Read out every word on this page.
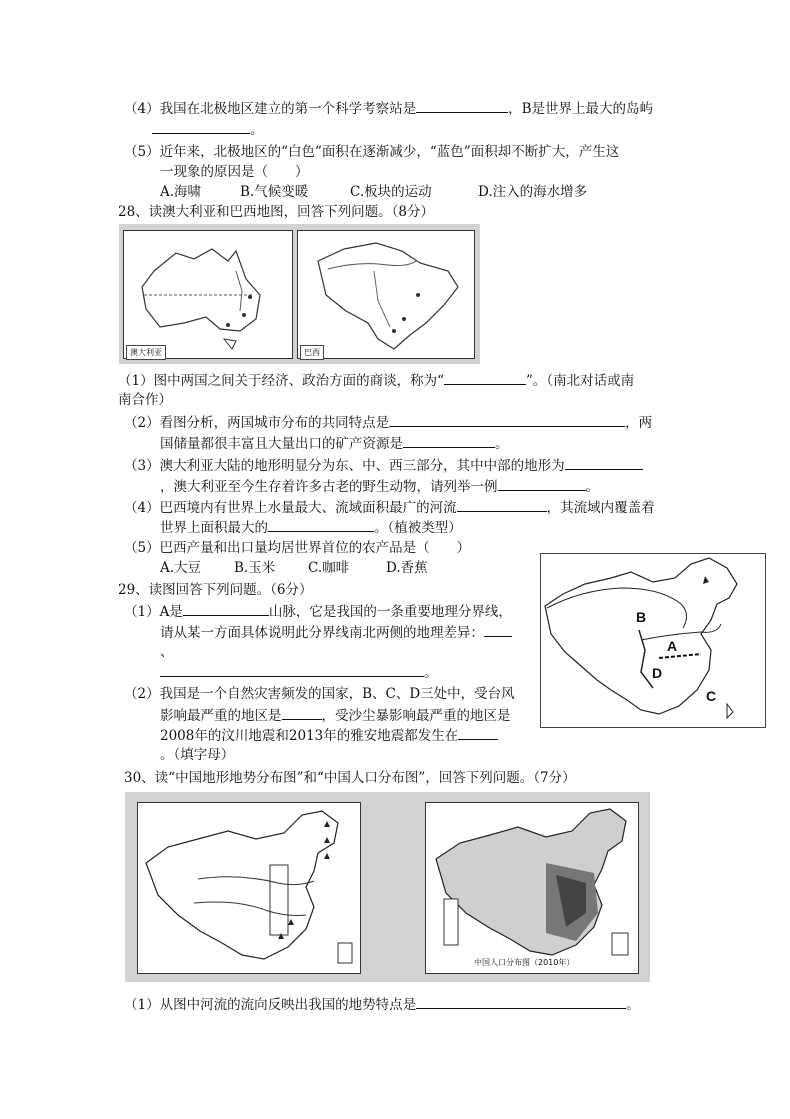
（4）我国在北极地区建立的第一个科学考察站是	，B是世界上最大的岛屿
。
（5）近年来，北极地区的“白色”面积在逐渐减少，“蓝色”面积却不断扩大，产生这
一现象的原因是（　　）
A.海啸	B.气候变暖	C.板块的运动	D.注入的海水增多
28、读澳大利亚和巴西地图，回答下列问题。（8分）
澳大利亚	巴西
（1）图中两国之间关于经济、政治方面的商谈，称为“	”。（南北对话或南
南合作）
（2）看图分析，两国城市分布的共同特点是	，两
国储量都很丰富且大量出口的矿产资源是	。
（3）澳大利亚大陆的地形明显分为东、中、西三部分，其中中部的地形为
，澳大利亚至今生存着许多古老的野生动物，请列举一例	。
（4）巴西境内有世界上水量最大、流域面积最广的河流	，其流域内覆盖着
世界上面积最大的	。（植被类型）
（5）巴西产量和出口量均居世界首位的农产品是（　　）
A.大豆 B.玉米 C.咖啡	D.香蕉
B
A
D
C
29、读图回答下列问题。（6分）
（1）A是	山脉，它是我国的一条重要地理分界线，
请从某一方面具体说明此分界线南北两侧的地理差异：
、
。
（2）我国是一个自然灾害频发的国家，B、C、D三处中，受台风
影响最严重的地区是	，受沙尘暴影响最严重的地区是
2008年的汶川地震和2013年的雅安地震都发生在
。（填字母）
30、读“中国地形地势分布图”和“中国人口分布图”，回答下列问题。（7分）
中国人口分布图（2010年）
（1）从图中河流的流向反映出我国的地势特点是	。
